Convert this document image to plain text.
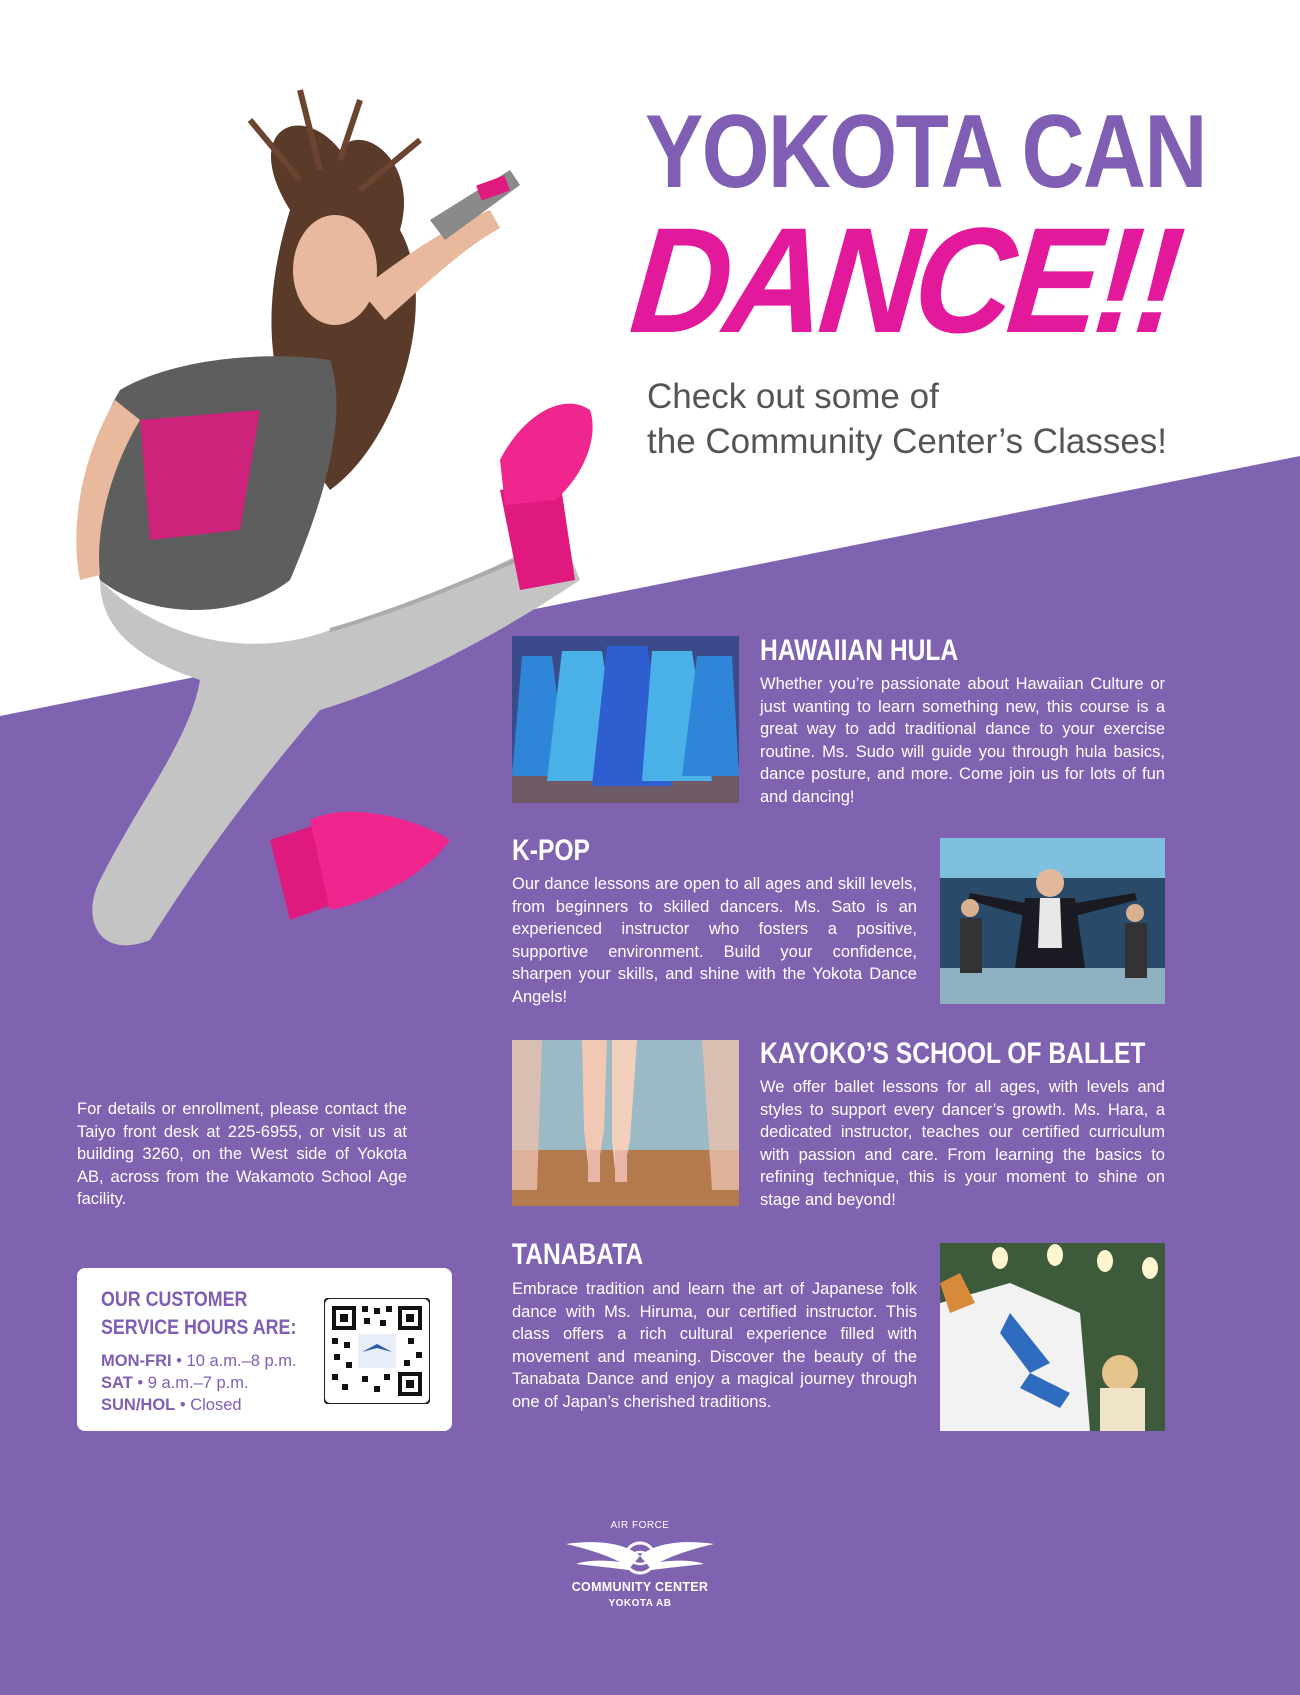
YOKOTA CAN
DANCE!!
Check out some of
the Community Center’s Classes!
HAWAIIAN HULA
Whether you’re passionate about Hawaiian Culture or just wanting to learn something new, this course is a great way to add traditional dance to your exercise routine. Ms. Sudo will guide you through hula basics, dance posture, and more. Come join us for lots of fun and dancing!
K-POP
Our dance lessons are open to all ages and skill levels, from beginners to skilled dancers. Ms. Sato is an experienced instructor who fosters a positive, supportive environment. Build your confidence, sharpen your skills, and shine with the Yokota Dance Angels!
KAYOKO’S SCHOOL OF BALLET
We offer ballet lessons for all ages, with levels and styles to support every dancer’s growth. Ms. Hara, a dedicated instructor, teaches our certified curriculum with passion and care. From learning the basics to refining technique, this is your moment to shine on stage and beyond!
TANABATA
Embrace tradition and learn the art of Japanese folk dance with Ms. Hiruma, our certified instructor. This class offers a rich cultural experience filled with movement and meaning. Discover the beauty of the Tanabata Dance and enjoy a magical journey through one of Japan’s cherished traditions.
For details or enrollment, please contact the Taiyo front desk at 225-6955, or visit us at building 3260, on the West side of Yokota AB, across from the Wakamoto School Age facility.
OUR CUSTOMER SERVICE HOURS ARE:
MON-FRI • 10 a.m.–8 p.m.
SAT • 9 a.m.–7 p.m.
SUN/HOL • Closed
AIR FORCE
COMMUNITY CENTER
YOKOTA AB
